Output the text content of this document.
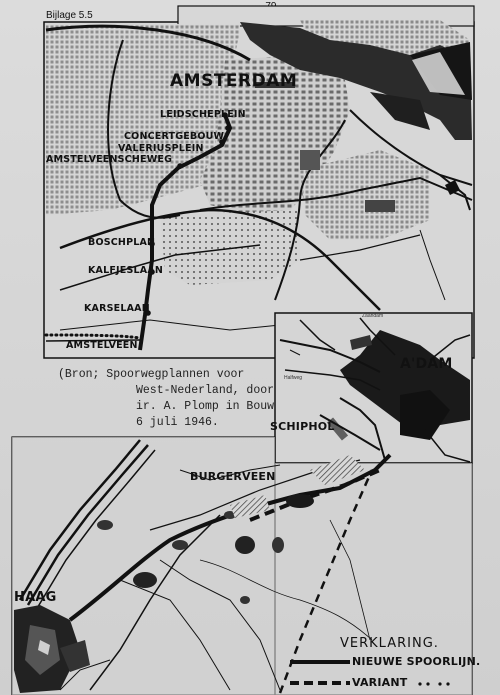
Bijlage 5.5
AMSTERDAM
LEIDSCHEPLEIN
CONCERTGEBOUW
VALERIUSPLEIN
AMSTELVEENSCHEWEG
BOSCHPLAN
KALFJESLAAN
KARSELAAN
AMSTELVEEN
(Bron; Spoorwegplannen voor
West-Nederland, door
ir. A. Plomp in Bouw
6 juli 1946.
A'DAM
SCHIPHOL
Zaandam
Halfweg
BURGERVEEN
HAAG
VERKLARING.
NIEUWE SPOORLIJN.
VARIANT
